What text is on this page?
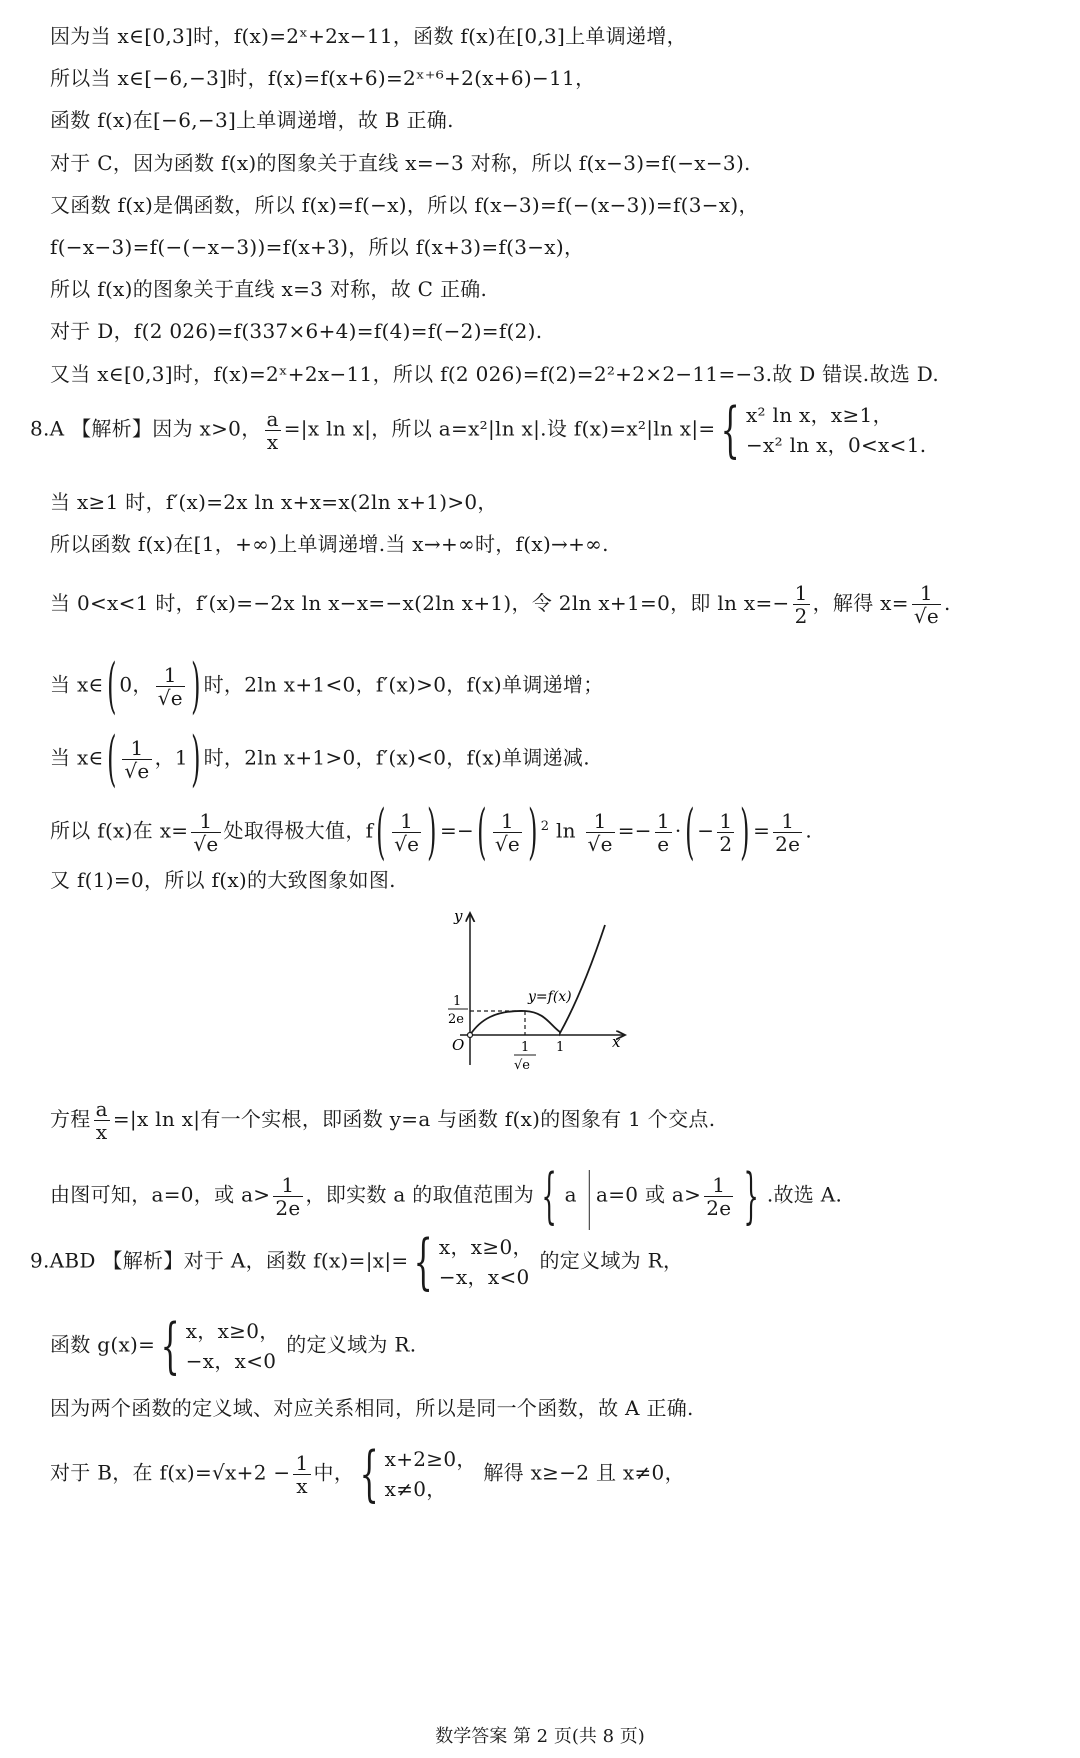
因为当 x∈[0,3]时，f(x)=2ˣ+2x−11，函数 f(x)在[0,3]上单调递增，
所以当 x∈[−6,−3]时，f(x)=f(x+6)=2ˣ⁺⁶+2(x+6)−11，
函数 f(x)在[−6,−3]上单调递增，故 B 正确.
对于 C，因为函数 f(x)的图象关于直线 x=−3 对称，所以 f(x−3)=f(−x−3).
又函数 f(x)是偶函数，所以 f(x)=f(−x)，所以 f(x−3)=f(−(x−3))=f(3−x)，
f(−x−3)=f(−(−x−3))=f(x+3)，所以 f(x+3)=f(3−x)，
所以 f(x)的图象关于直线 x=3 对称，故 C 正确.
对于 D，f(2 026)=f(337×6+4)=f(4)=f(−2)=f(2).
又当 x∈[0,3]时，f(x)=2ˣ+2x−11，所以 f(2 026)=f(2)=2²+2×2−11=−3.故 D 错误.故选 D.
8.A 【解析】因为 x>0， $\frac{a}{x} =|x$ ln x|，所以 a=x²|ln x|.设 f(x)=x²|ln x|={ x² ln x，x≥1，
−x² ln x，0<x<1.
当 x≥1 时，f′(x)=2x ln x+x=x(2ln x+1)>0，
所以函数 f(x)在[1，+∞)上单调递增.当 x→+∞时，f(x)→+∞.
当 0<x<1 时，f′(x)=−2x ln x−x=−x(2ln x+1)，令 2ln x+1=0，即 $\ln x=- \frac{1}{2}$ ，解得 $x= \frac{1}{√e}$ .
当 x∈( 0， $\frac{1}{√e}$ ) 时，2ln x+1<0，f′(x)>0，f(x)单调递增；
当 x∈( $\frac{1}{√e}$ ，1) 时，2ln x+1>0，f′(x)<0，f(x)单调递减.
所以 f(x)在 $x= \frac{1}{√e}$ 处取得极大值，$f( \frac{1}{√e}$ ) =−( $\frac{1}{√e}$ ) $^2$ $\ln \frac{1}{√e} =- \frac{1}{e}$ ·( − $\frac{1}{2}$ ) = $\frac{1}{2e}$ .
又 f(1)=0，所以 f(x)的大致图象如图.
y
x
O
y=f(x)
1
2e
1
√e
1
方程 $\frac{a}{x} =|x$ ln x|有一个实根，即函数 y=a 与函数 f(x)的图象有 1 个交点.
由图可知，a=0，或 $a> \frac{1}{2e}$ ，即实数 a 的取值范围为 { a | a=0 或 $a> \frac{1}{2e}$ } .故选 A.
9.ABD 【解析】对于 A，函数 f(x)=|x|={ x，x≥0，
−x，x<0
的定义域为 R，
函数 g(x)={ x，x≥0，
−x，x<0
的定义域为 R.
因为两个函数的定义域、对应关系相同，所以是同一个函数，故 A 正确.
对于 B，在 $f(x)=√x+2 - \frac{1}{x}$ 中，{ x+2≥0，
x≠0，
解得 x≥−2 且 x≠0，
数学答案 第 2 页(共 8 页)
